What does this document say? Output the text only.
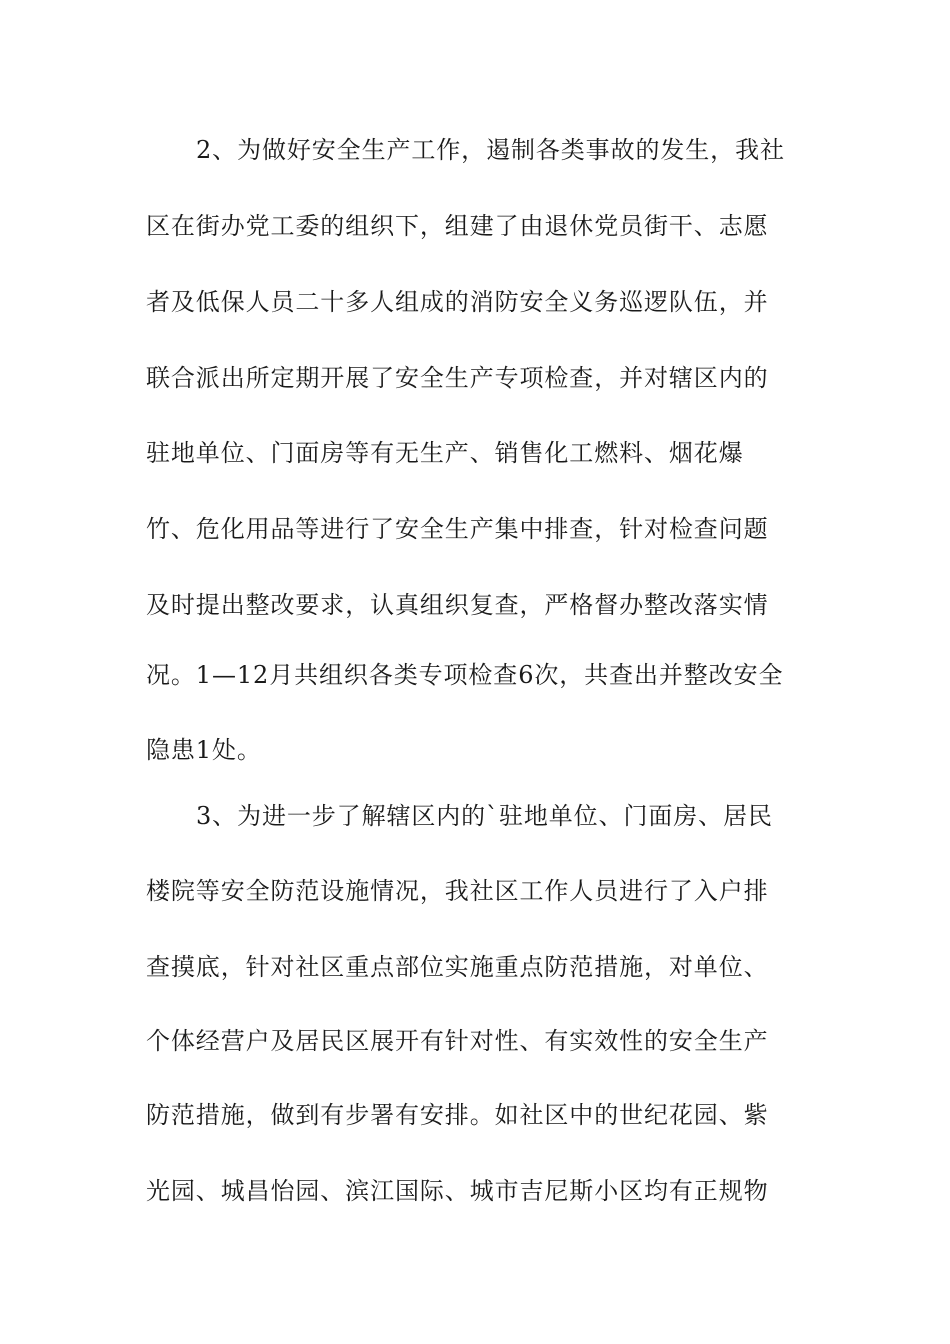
2、为做好安全生产工作，遏制各类事故的发生，我社
区在街办党工委的组织下，组建了由退休党员街干、志愿
者及低保人员二十多人组成的消防安全义务巡逻队伍，并
联合派出所定期开展了安全生产专项检查，并对辖区内的
驻地单位、门面房等有无生产、销售化工燃料、烟花爆
竹、危化用品等进行了安全生产集中排查，针对检查问题
及时提出整改要求，认真组织复查，严格督办整改落实情
况。1—12月共组织各类专项检查6次，共查出并整改安全
隐患1处。
3、为进一步了解辖区内的`驻地单位、门面房、居民
楼院等安全防范设施情况，我社区工作人员进行了入户排
查摸底，针对社区重点部位实施重点防范措施，对单位、
个体经营户及居民区展开有针对性、有实效性的安全生产
防范措施，做到有步署有安排。如社区中的世纪花园、紫
光园、城昌怡园、滨江国际、城市吉尼斯小区均有正规物
